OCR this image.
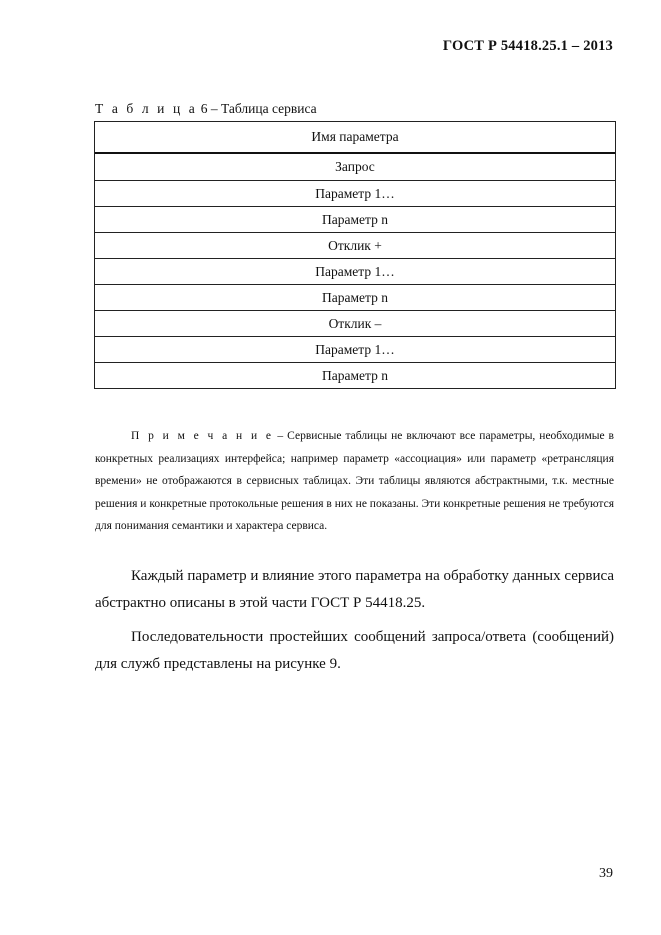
ГОСТ Р 54418.25.1 – 2013
Т а б л и ц а 6 – Таблица сервиса
Имя параметра
Запрос
Параметр 1…
Параметр n
Отклик +
Параметр 1…
Параметр n
Отклик –
Параметр 1…
Параметр n

П р и м е ч а н и е – Сервисные таблицы не включают все параметры, необходимые в конкретных реализациях интерфейса; например параметр «ассоциация» или параметр «ретрансляция времени» не отображаются в сервисных таблицах. Эти таблицы являются абстрактными, т.к. местные решения и конкретные протокольные решения в них не показаны. Эти конкретные решения не требуются для понимания семантики и характера сервиса.

Каждый параметр и влияние этого параметра на обработку данных сервиса абстрактно описаны в этой части ГОСТ Р 54418.25.

Последовательности простейших сообщений запроса/ответа (сообщений) для служб представлены на рисунке 9.

39
